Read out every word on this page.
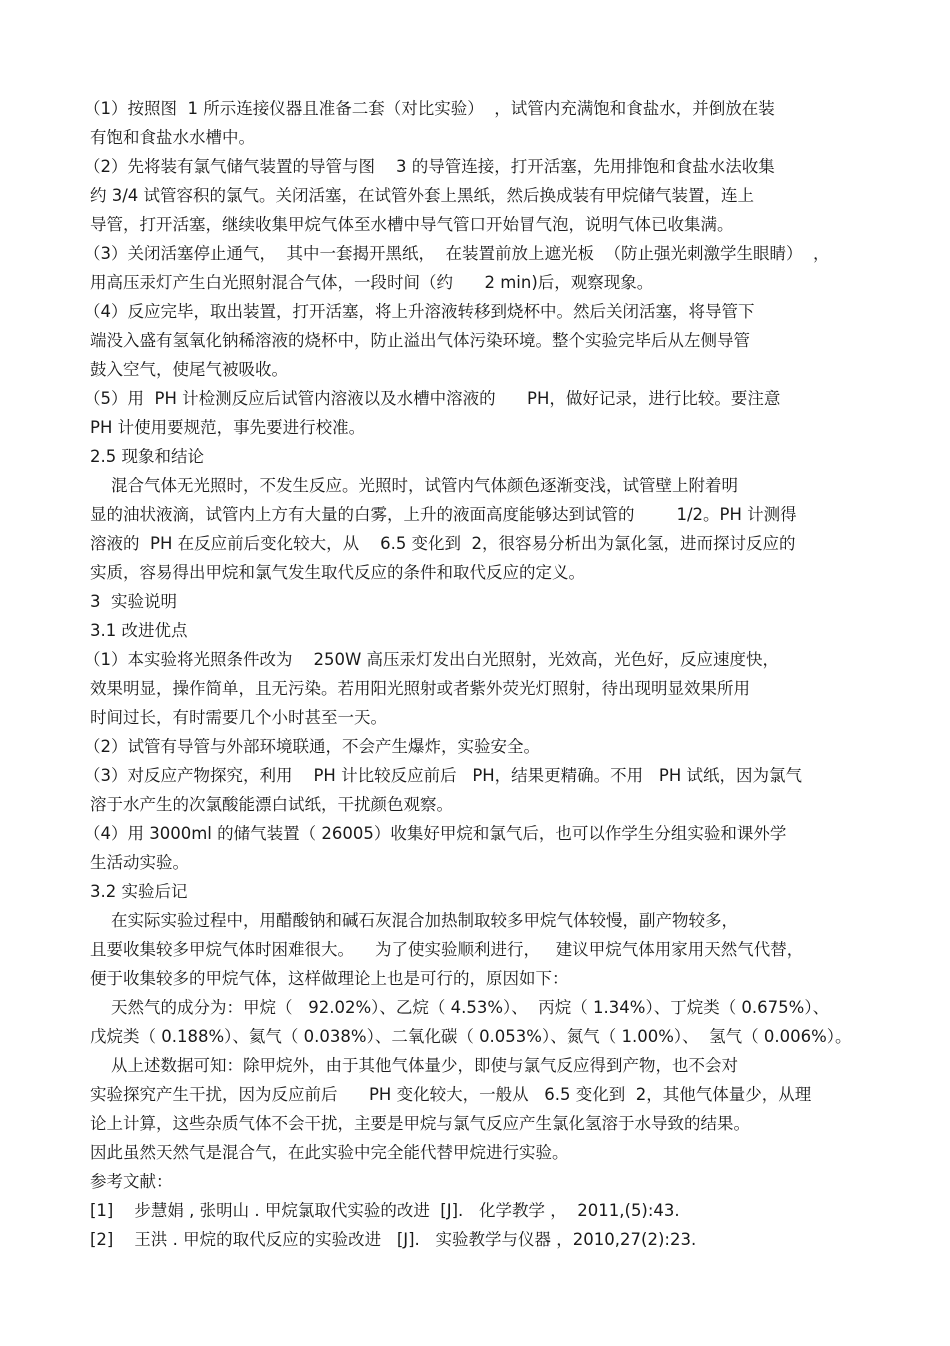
（1）按照图  1 所示连接仪器且准备二套（对比实验）  ，试管内充满饱和食盐水，并倒放在装

有饱和食盐水水槽中。

（2）先将装有氯气储气装置的导管与图    3 的导管连接，打开活塞，先用排饱和食盐水法收集

约 3/4 试管容积的氯气。关闭活塞，在试管外套上黑纸，然后换成装有甲烷储气装置，连上

导管，打开活塞，继续收集甲烷气体至水槽中导气管口开始冒气泡，说明气体已收集满。

（3）关闭活塞停止通气，  其中一套揭开黑纸，  在装置前放上遮光板  （防止强光刺激学生眼睛）  ，

用高压汞灯产生白光照射混合气体，一段时间（约      2 min)后，观察现象。

（4）反应完毕，取出装置，打开活塞，将上升溶液转移到烧杯中。然后关闭活塞，将导管下

端没入盛有氢氧化钠稀溶液的烧杯中，防止溢出气体污染环境。整个实验完毕后从左侧导管

鼓入空气，使尾气被吸收。

（5）用  PH 计检测反应后试管内溶液以及水槽中溶液的      PH，做好记录，进行比较。要注意

PH 计使用要规范，事先要进行校准。

2.5 现象和结论

混合气体无光照时，不发生反应。光照时，试管内气体颜色逐渐变浅，试管壁上附着明

显的油状液滴，试管内上方有大量的白雾，上升的液面高度能够达到试管的        1/2。PH 计测得

溶液的  PH 在反应前后变化较大，从    6.5 变化到  2，很容易分析出为氯化氢，进而探讨反应的

实质，容易得出甲烷和氯气发生取代反应的条件和取代反应的定义。

3  实验说明

3.1 改进优点

（1）本实验将光照条件改为    250W 高压汞灯发出白光照射，光效高，光色好，反应速度快，

效果明显，操作简单，且无污染。若用阳光照射或者紫外荧光灯照射，待出现明显效果所用

时间过长，有时需要几个小时甚至一天。

（2）试管有导管与外部环境联通，不会产生爆炸，实验安全。

（3）对反应产物探究，利用    PH 计比较反应前后   PH，结果更精确。不用   PH 试纸，因为氯气

溶于水产生的次氯酸能漂白试纸，干扰颜色观察。

（4）用 3000ml 的储气装置（ 26005）收集好甲烷和氯气后，也可以作学生分组实验和课外学

生活动实验。

3.2 实验后记

在实际实验过程中，用醋酸钠和碱石灰混合加热制取较多甲烷气体较慢，副产物较多，

且要收集较多甲烷气体时困难很大。    为了使实验顺利进行，   建议甲烷气体用家用天然气代替，

便于收集较多的甲烷气体，这样做理论上也是可行的，原因如下：

天然气的成分为：甲烷（   92.02%）、乙烷（ 4.53%）、  丙烷（ 1.34%）、丁烷类（ 0.675%）、

戊烷类（ 0.188%）、氦气（ 0.038%）、二氧化碳（ 0.053%）、氮气（ 1.00%）、  氢气（ 0.006%）。

从上述数据可知：除甲烷外，由于其他气体量少，即使与氯气反应得到产物，也不会对

实验探究产生干扰，因为反应前后      PH 变化较大，一般从   6.5 变化到  2，其他气体量少，从理

论上计算，这些杂质气体不会干扰，主要是甲烷与氯气反应产生氯化氢溶于水导致的结果。

因此虽然天然气是混合气，在此实验中完全能代替甲烷进行实验。

参考文献：

[1]    步慧娟 , 张明山 . 甲烷氯取代实验的改进  [J].   化学教学 ，  2011,(5):43.

[2]    王洪 . 甲烷的取代反应的实验改进   [J].   实验教学与仪器 ，2010,27(2):23.
